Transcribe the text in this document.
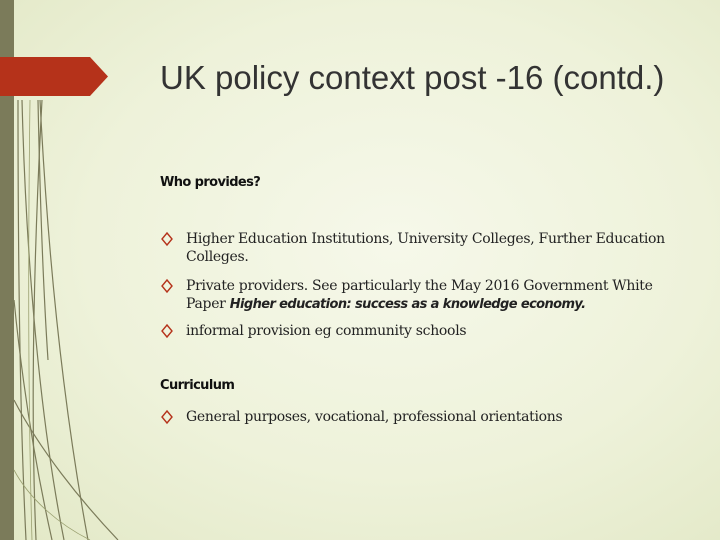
UK policy context post -16 (contd.)
Who provides?
Higher Education Institutions, University Colleges, Further Education Colleges.
Private providers. See particularly the May 2016 Government White Paper Higher education: success as a knowledge economy.
informal provision eg community schools
Curriculum
General purposes, vocational, professional orientations
